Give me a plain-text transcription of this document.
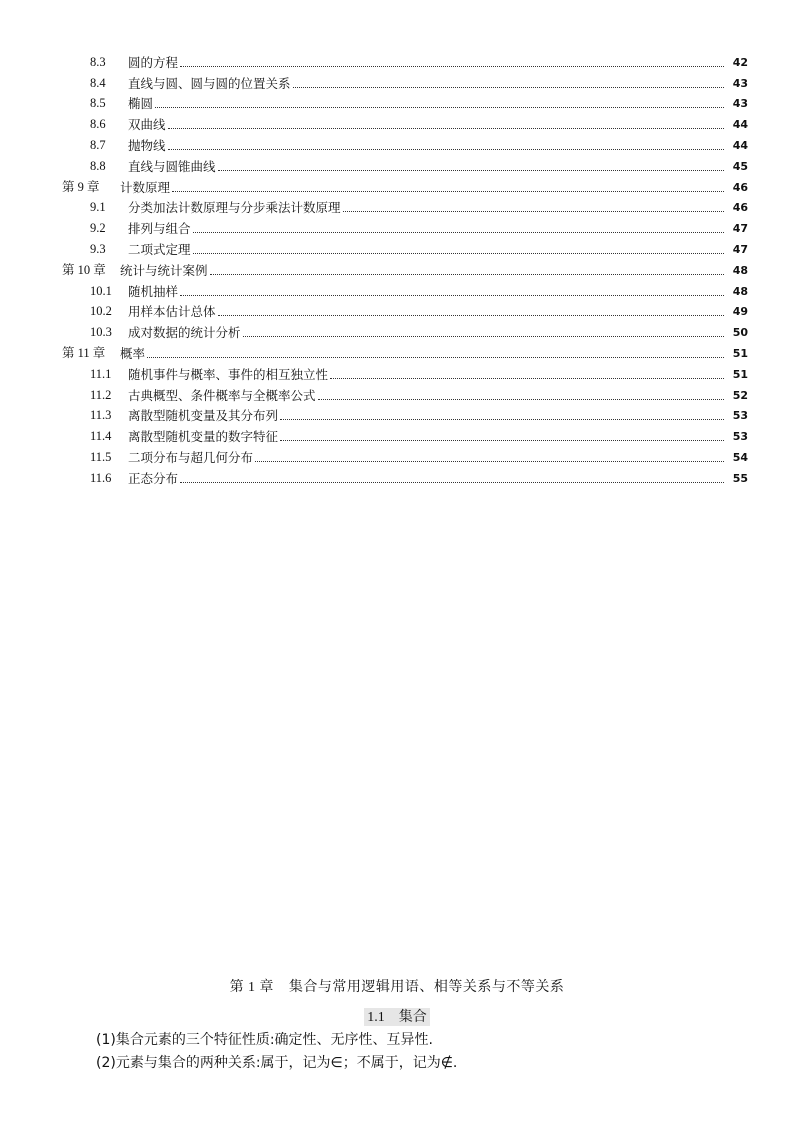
8.3	圆的方程	42
8.4	直线与圆、圆与圆的位置关系	43
8.5	椭圆	43
8.6	双曲线	44
8.7	抛物线	44
8.8	直线与圆锥曲线	45
第 9 章	计数原理	46
9.1	分类加法计数原理与分步乘法计数原理	46
9.2	排列与组合	47
9.3	二项式定理	47
第 10 章	统计与统计案例	48
10.1	随机抽样	48
10.2	用样本估计总体	49
10.3	成对数据的统计分析	50
第 11 章	概率	51
11.1	随机事件与概率、事件的相互独立性	51
11.2	古典概型、条件概率与全概率公式	52
11.3	离散型随机变量及其分布列	53
11.4	离散型随机变量的数字特征	53
11.5	二项分布与超几何分布	54
11.6	正态分布	55
第 1 章 集合与常用逻辑用语、相等关系与不等关系
1.1 集合
(1)集合元素的三个特征性质:确定性、无序性、互异性.
(2)元素与集合的两种关系:属于，记为∈；不属于，记为∉.
